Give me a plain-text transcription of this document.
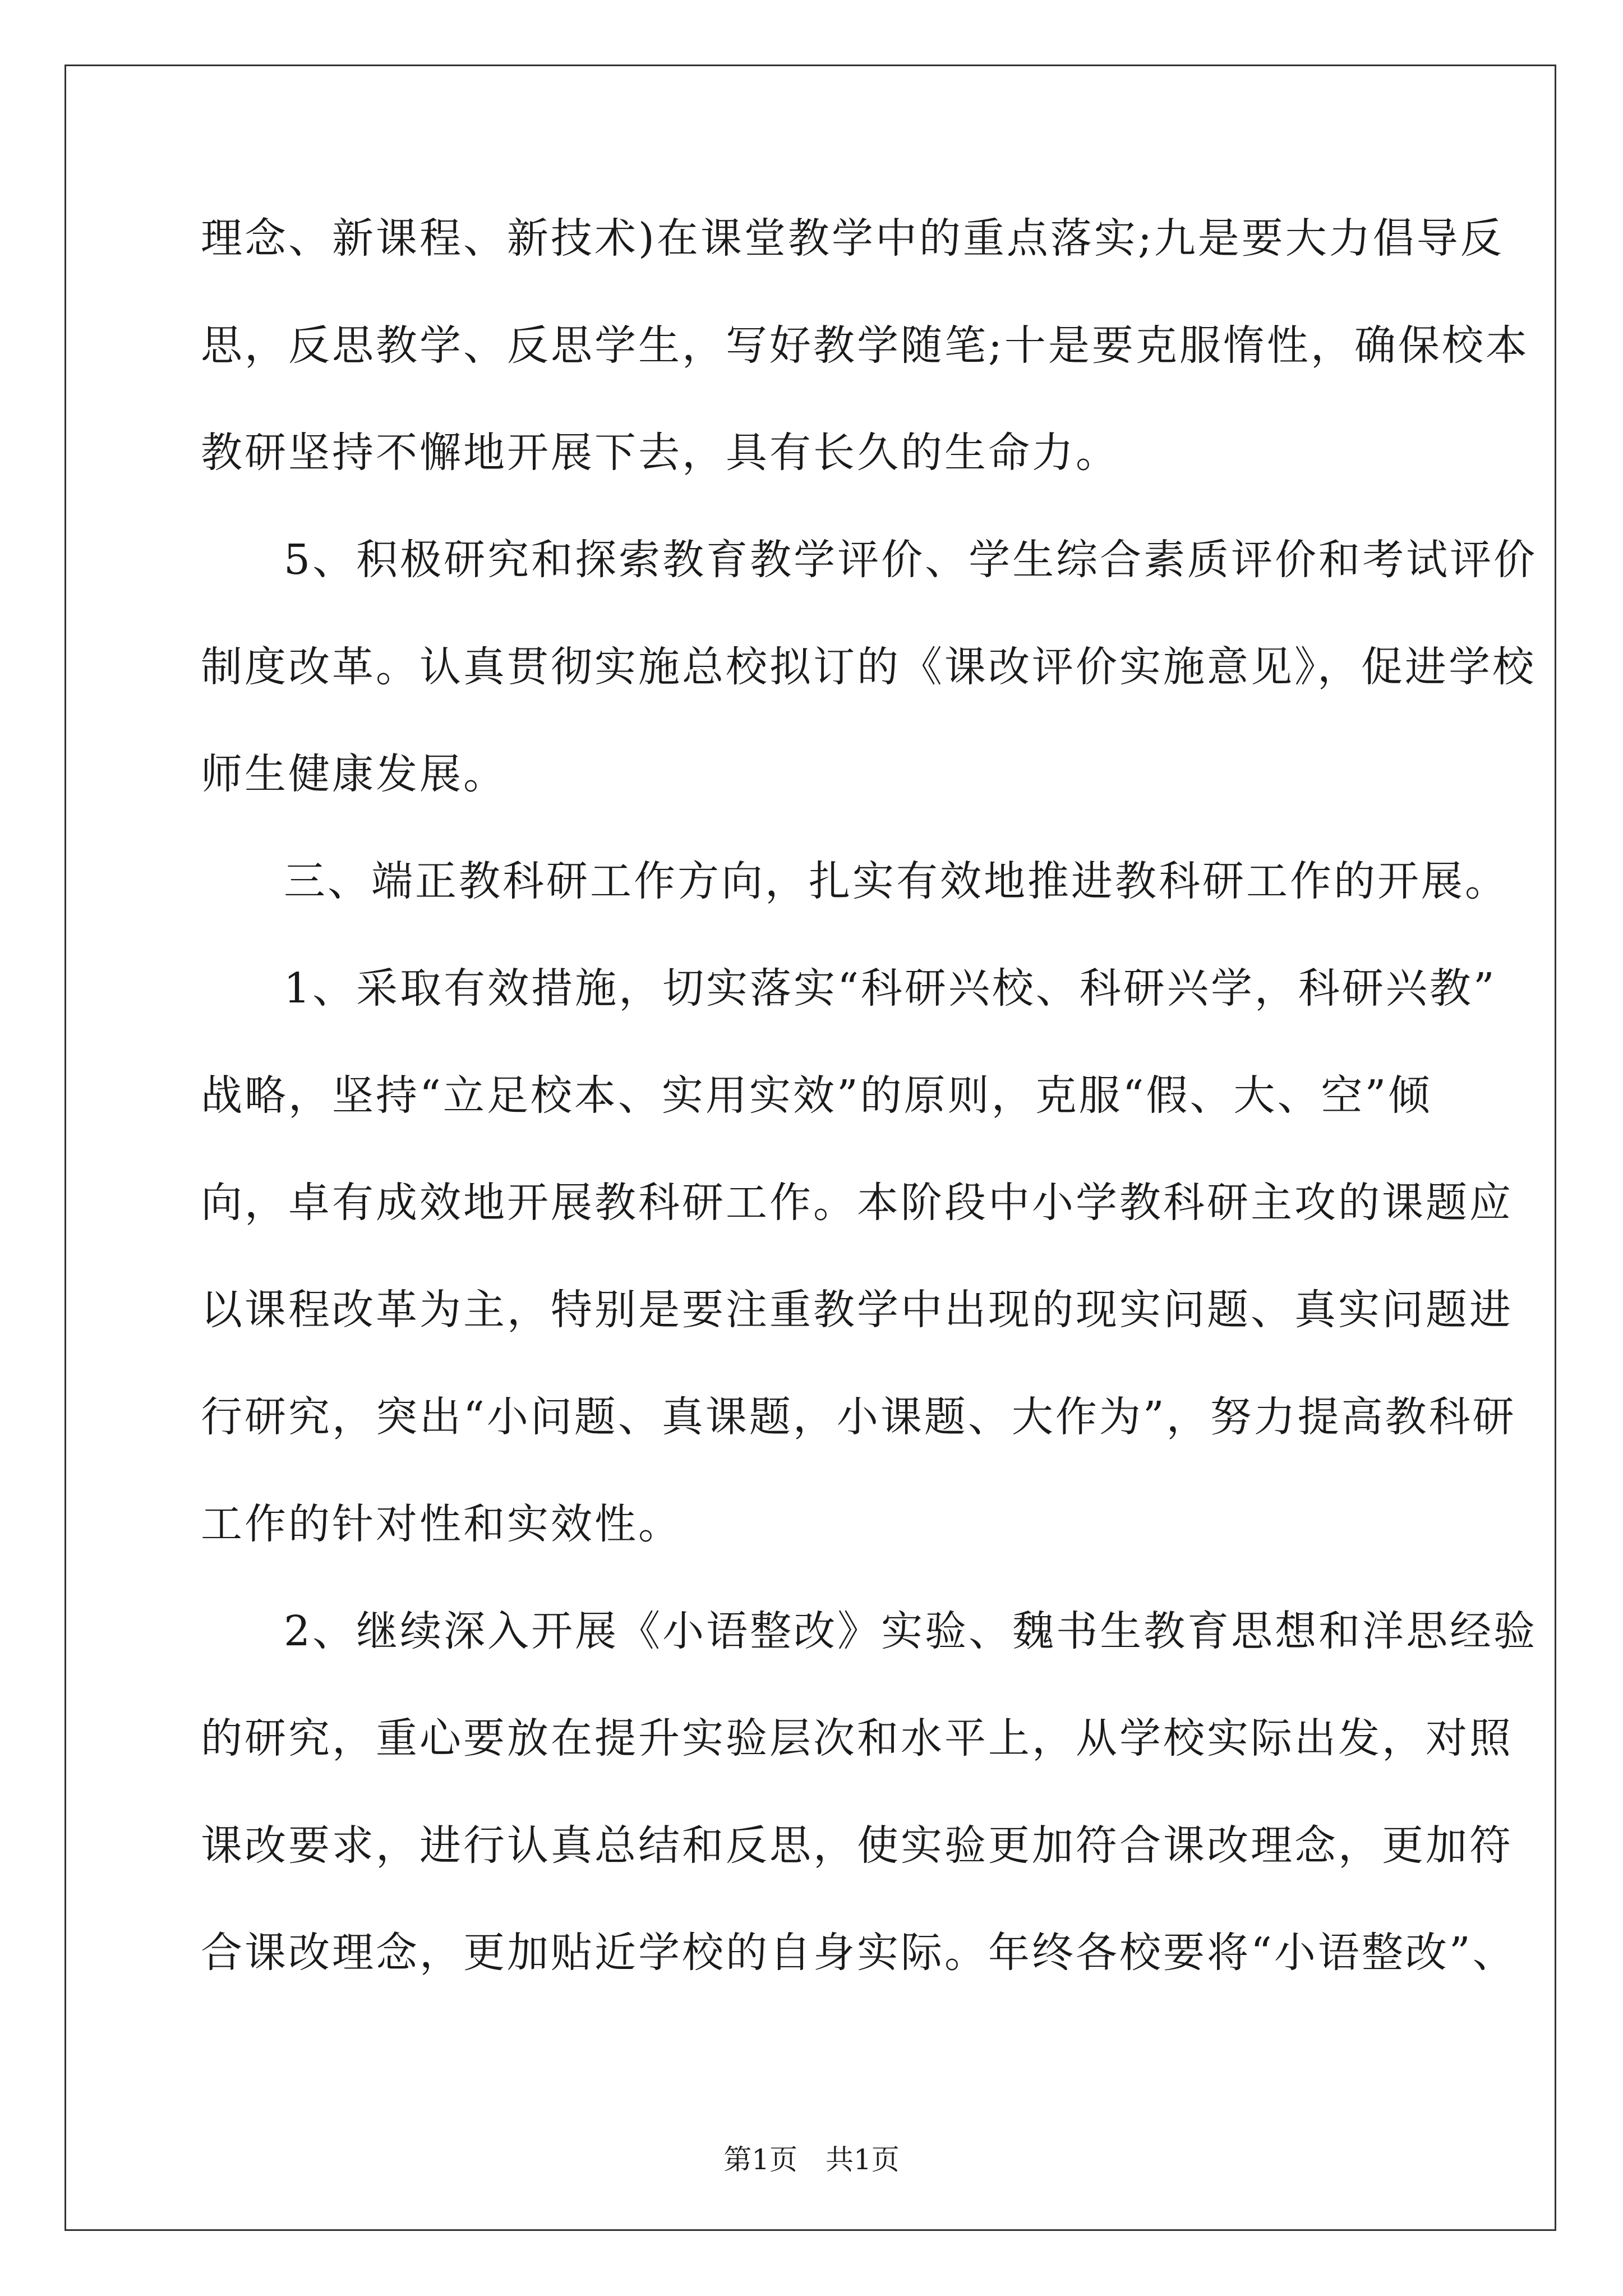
理念、新课程、新技术)在课堂教学中的重点落实;九是要大力倡导反
思，反思教学、反思学生，写好教学随笔;十是要克服惰性，确保校本
教研坚持不懈地开展下去，具有长久的生命力。
5、积极研究和探索教育教学评价、学生综合素质评价和考试评价
制度改革。认真贯彻实施总校拟订的《课改评价实施意见》，促进学校
师生健康发展。
三、端正教科研工作方向，扎实有效地推进教科研工作的开展。
1、采取有效措施，切实落实“科研兴校、科研兴学，科研兴教”
战略，坚持“立足校本、实用实效”的原则，克服“假、大、空”倾
向，卓有成效地开展教科研工作。本阶段中小学教科研主攻的课题应
以课程改革为主，特别是要注重教学中出现的现实问题、真实问题进
行研究，突出“小问题、真课题，小课题、大作为”，努力提高教科研
工作的针对性和实效性。
2、继续深入开展《小语整改》实验、魏书生教育思想和洋思经验
的研究，重心要放在提升实验层次和水平上，从学校实际出发，对照
课改要求，进行认真总结和反思，使实验更加符合课改理念，更加符
合课改理念，更加贴近学校的自身实际。年终各校要将“小语整改”、
第1页　共1页
